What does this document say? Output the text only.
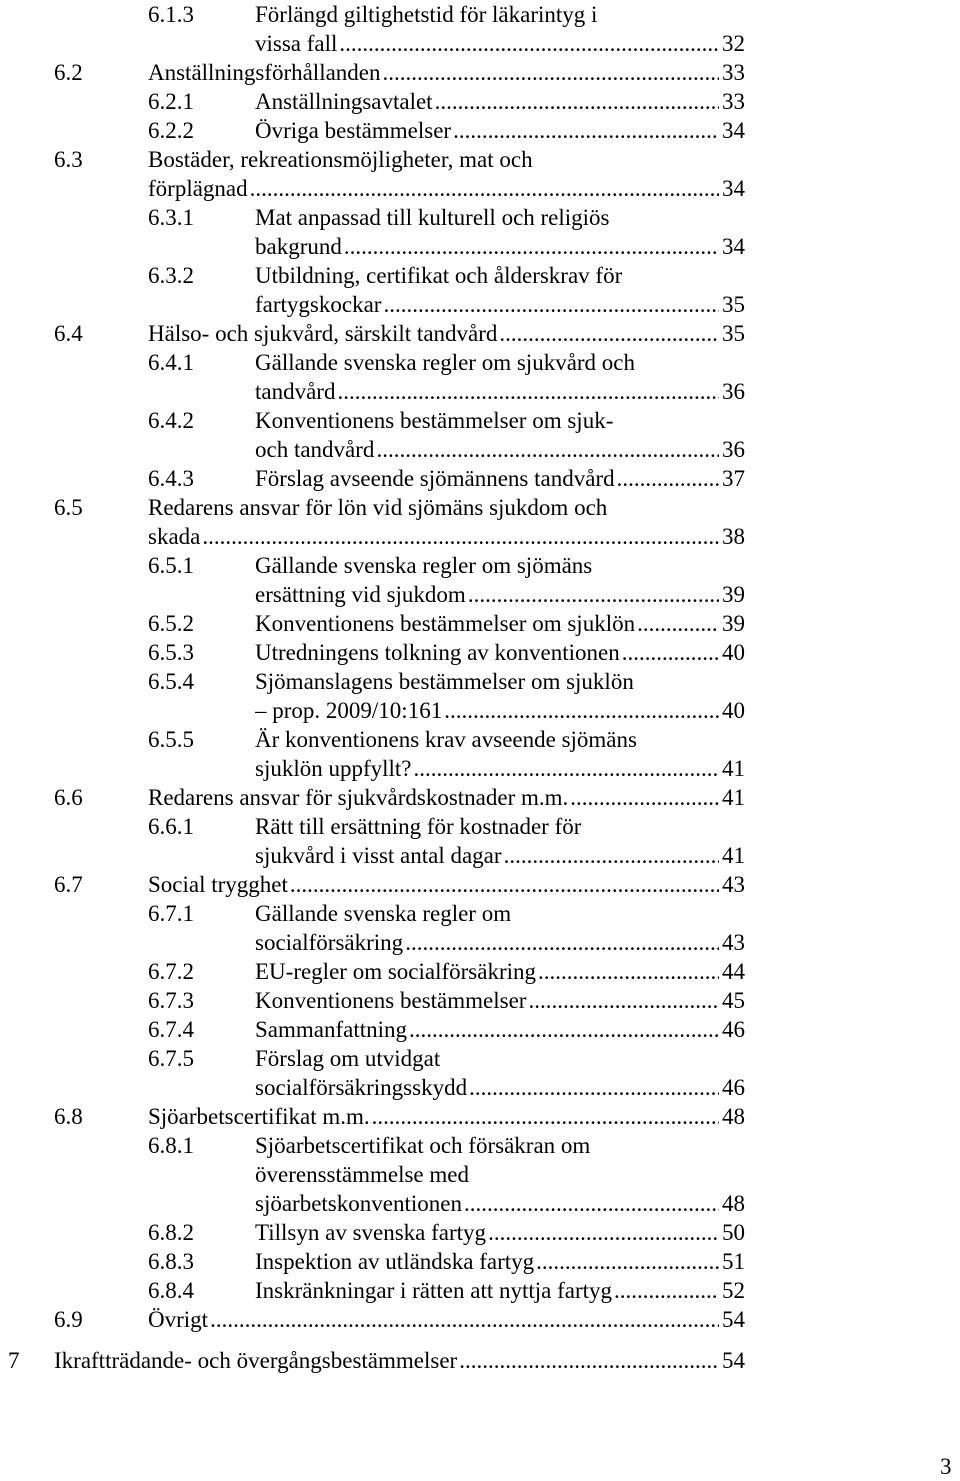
6.1.3	Förlängd giltighetstid för läkarintyg i
vissa fall .....	32
6.2	Anställningsförhållanden .....	33
6.2.1	Anställningsavtalet .....	33
6.2.2	Övriga bestämmelser .....	34
6.3	Bostäder, rekreationsmöjligheter, mat och
förplägnad .....	34
6.3.1	Mat anpassad till kulturell och religiös
bakgrund .....	34
6.3.2	Utbildning, certifikat och ålderskrav för
fartygskockar .....	35
6.4	Hälso- och sjukvård, särskilt tandvård .....	35
6.4.1	Gällande svenska regler om sjukvård och
tandvård .....	36
6.4.2	Konventionens bestämmelser om sjuk-
och tandvård .....	36
6.4.3	Förslag avseende sjömännens tandvård .....	37
6.5	Redarens ansvar för lön vid sjömäns sjukdom och
skada .....	38
6.5.1	Gällande svenska regler om sjömäns
ersättning vid sjukdom .....	39
6.5.2	Konventionens bestämmelser om sjuklön .....	39
6.5.3	Utredningens tolkning av konventionen .....	40
6.5.4	Sjömanslagens bestämmelser om sjuklön
– prop. 2009/10:161 .....	40
6.5.5	Är konventionens krav avseende sjömäns
sjuklön uppfyllt? .....	41
6.6	Redarens ansvar för sjukvårdskostnader m.m. .....	41
6.6.1	Rätt till ersättning för kostnader för
sjukvård i visst antal dagar .....	41
6.7	Social trygghet .....	43
6.7.1	Gällande svenska regler om
socialförsäkring .....	43
6.7.2	EU-regler om socialförsäkring .....	44
6.7.3	Konventionens bestämmelser .....	45
6.7.4	Sammanfattning .....	46
6.7.5	Förslag om utvidgat
socialförsäkringsskydd .....	46
6.8	Sjöarbetscertifikat m.m. .....	48
6.8.1	Sjöarbetscertifikat och försäkran om
överensstämmelse med
sjöarbetskonventionen .....	48
6.8.2	Tillsyn av svenska fartyg .....	50
6.8.3	Inspektion av utländska fartyg .....	51
6.8.4	Inskränkningar i rätten att nyttja fartyg .....	52
6.9	Övrigt .....	54
7 Ikraftträdande- och övergångsbestämmelser .....	54
3
